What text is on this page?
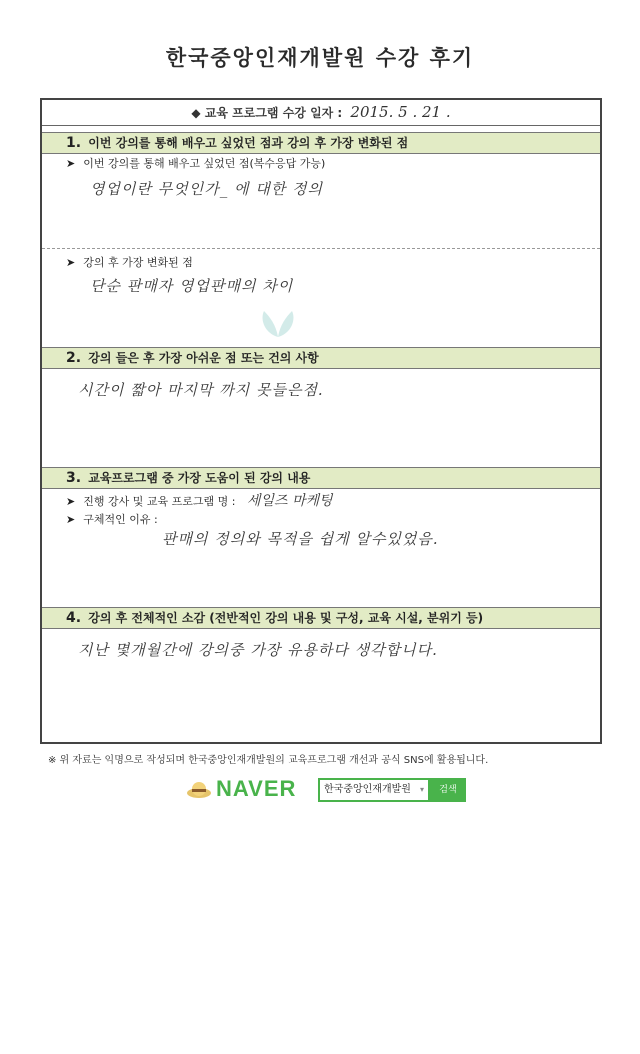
한국중앙인재개발원 수강 후기
◆ 교육 프로그램 수강 일자 : 2015. 5 . 21 .
1. 이번 강의를 통해 배우고 싶었던 점과 강의 후 가장 변화된 점
➤ 이번 강의를 통해 배우고 싶었던 점(복수응답 가능)
영업이란 무엇인가_ 에 대한 정의
➤ 강의 후 가장 변화된 점
단순 판매자 영업판매의 차이
2. 강의 들은 후 가장 아쉬운 점 또는 건의 사항
시간이 짧아 마지막 까지 못들은점.
3. 교육프로그램 중 가장 도움이 된 강의 내용
➤ 진행 강사 및 교육 프로그램 명 : 세일즈 마케팅
➤ 구체적인 이유 :
판매의 정의와 목적을 쉽게 알수있었음.
4. 강의 후 전체적인 소감 (전반적인 강의 내용 및 구성, 교육 시설, 분위기 등)
지난 몇개월간에 강의중 가장 유용하다 생각합니다.
※ 위 자료는 익명으로 작성되며 한국중앙인재개발원의 교육프로그램 개선과 공식 SNS에 활용됩니다.
NAVER	한국중앙인재개발원 ▾	검색
